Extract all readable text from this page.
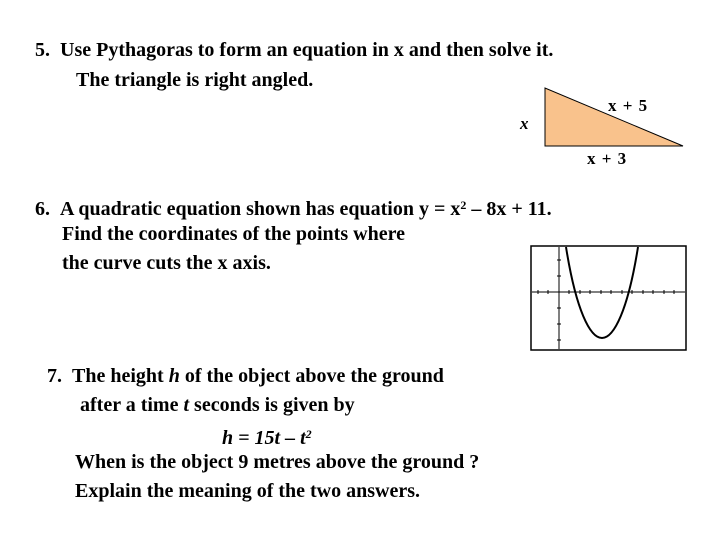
5. Use Pythagoras to form an equation in x and then solve it.
The triangle is right angled.
x
x + 5
x + 3
6. A quadratic equation shown has equation $y = x^2 - 8x + 11$.
Find the coordinates of the points where
the curve cuts the x axis.
7. The height h of the object above the ground
after a time t seconds is given by
$h = 15t - t^2$
When is the object 9 metres above the ground ?
Explain the meaning of the two answers.
